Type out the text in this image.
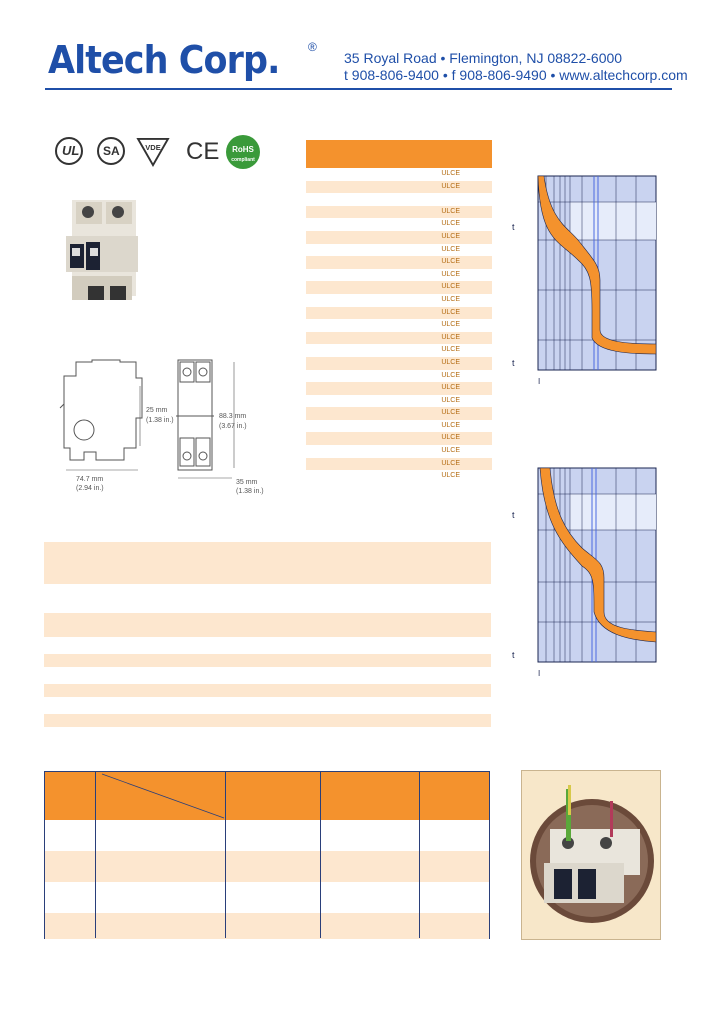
Altech Corp. ®
35 Royal Road • Flemington, NJ 08822-6000
t 908-806-9400 • f 908-806-9490 • www.altechcorp.com
UL SA	VDE CE	RoHS
compliant
25 mm
(1.38 in.)
88.3 mm
(3.67 in.)
74.7 mm
(2.94 in.)
35 mm
(1.38 in.)
ULCE
ULCE
ULCE
ULCE
ULCE
ULCE
ULCE
ULCE
ULCE
ULCE
ULCE
ULCE
ULCE
ULCE
ULCE
ULCE
ULCE
ULCE
ULCE
ULCE
ULCE
ULCE
ULCE
ULCE
t
t
I
t
t
I
